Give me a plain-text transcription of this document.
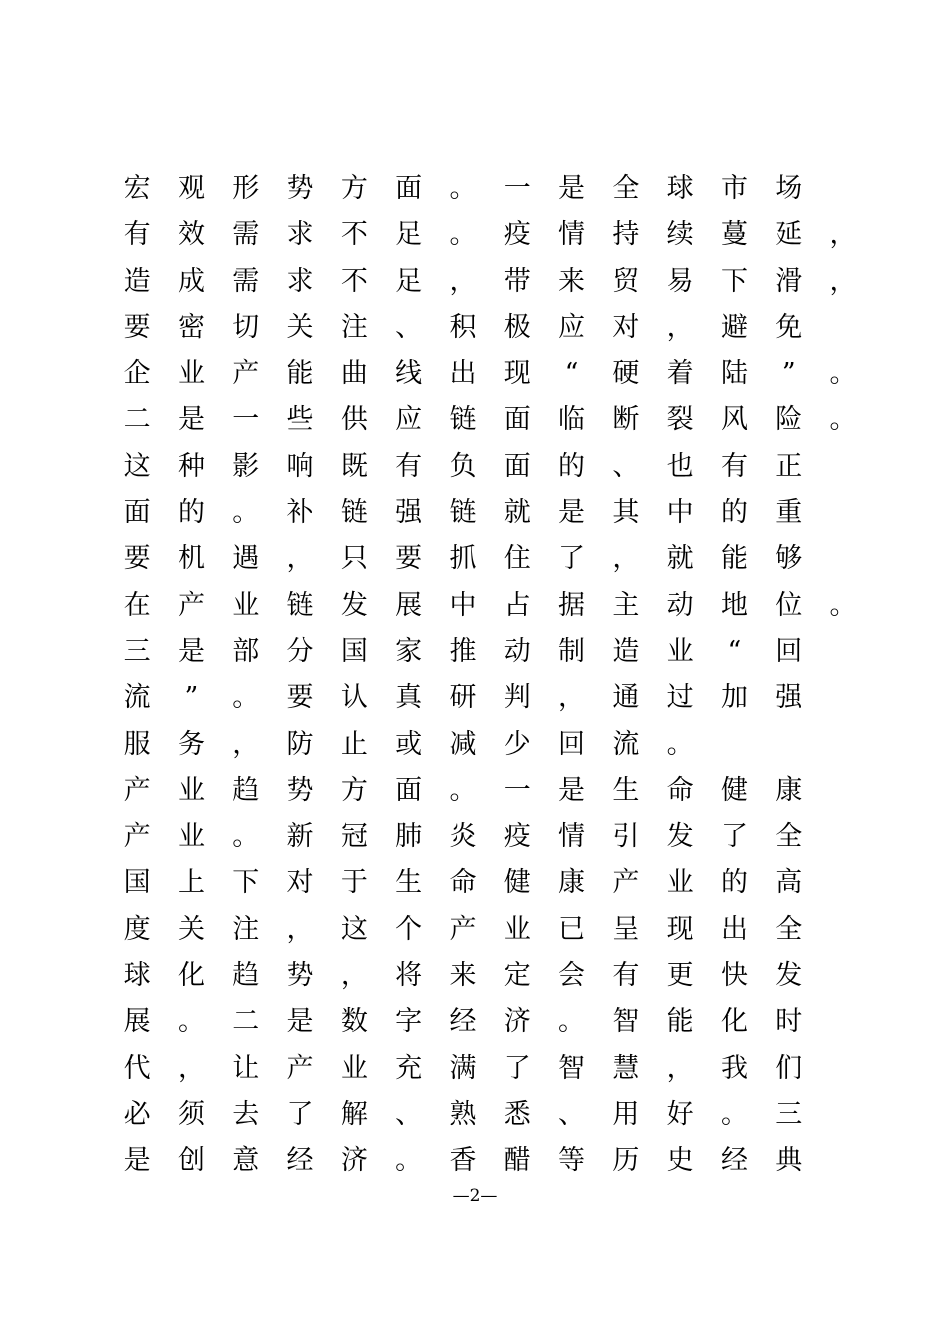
宏	观	形	势	方	面	。	一	是	全	球	市	场
有	效	需	求	不	足	。	疫	情	持	续	蔓	延	，
造	成	需	求	不	足	，	带	来	贸	易	下	滑	，
要	密	切	关	注	、	积	极	应	对	，	避	免
企	业	产	能	曲	线	出	现	“	硬	着	陆	”	。
二	是	一	些	供	应	链	面	临	断	裂	风	险	。
这	种	影	响	既	有	负	面	的	、	也	有	正
面	的	。	补	链	强	链	就	是	其	中	的	重
要	机	遇	，	只	要	抓	住	了	，	就	能	够
在	产	业	链	发	展	中	占	据	主	动	地	位	。
三	是	部	分	国	家	推	动	制	造	业	“	回
流	”	。	要	认	真	研	判	，	通	过	加	强
服	务	，	防	止	或	减	少	回	流	。
产	业	趋	势	方	面	。	一	是	生	命	健	康
产	业	。	新	冠	肺	炎	疫	情	引	发	了	全
国	上	下	对	于	生	命	健	康	产	业	的	高
度	关	注	，	这	个	产	业	已	呈	现	出	全
球	化	趋	势	，	将	来	定	会	有	更	快	发
展	。	二	是	数	字	经	济	。	智	能	化	时
代	，	让	产	业	充	满	了	智	慧	，	我	们
必	须	去	了	解	、	熟	悉	、	用	好	。	三
是	创	意	经	济	。	香	醋	等	历	史	经	典
—2—
